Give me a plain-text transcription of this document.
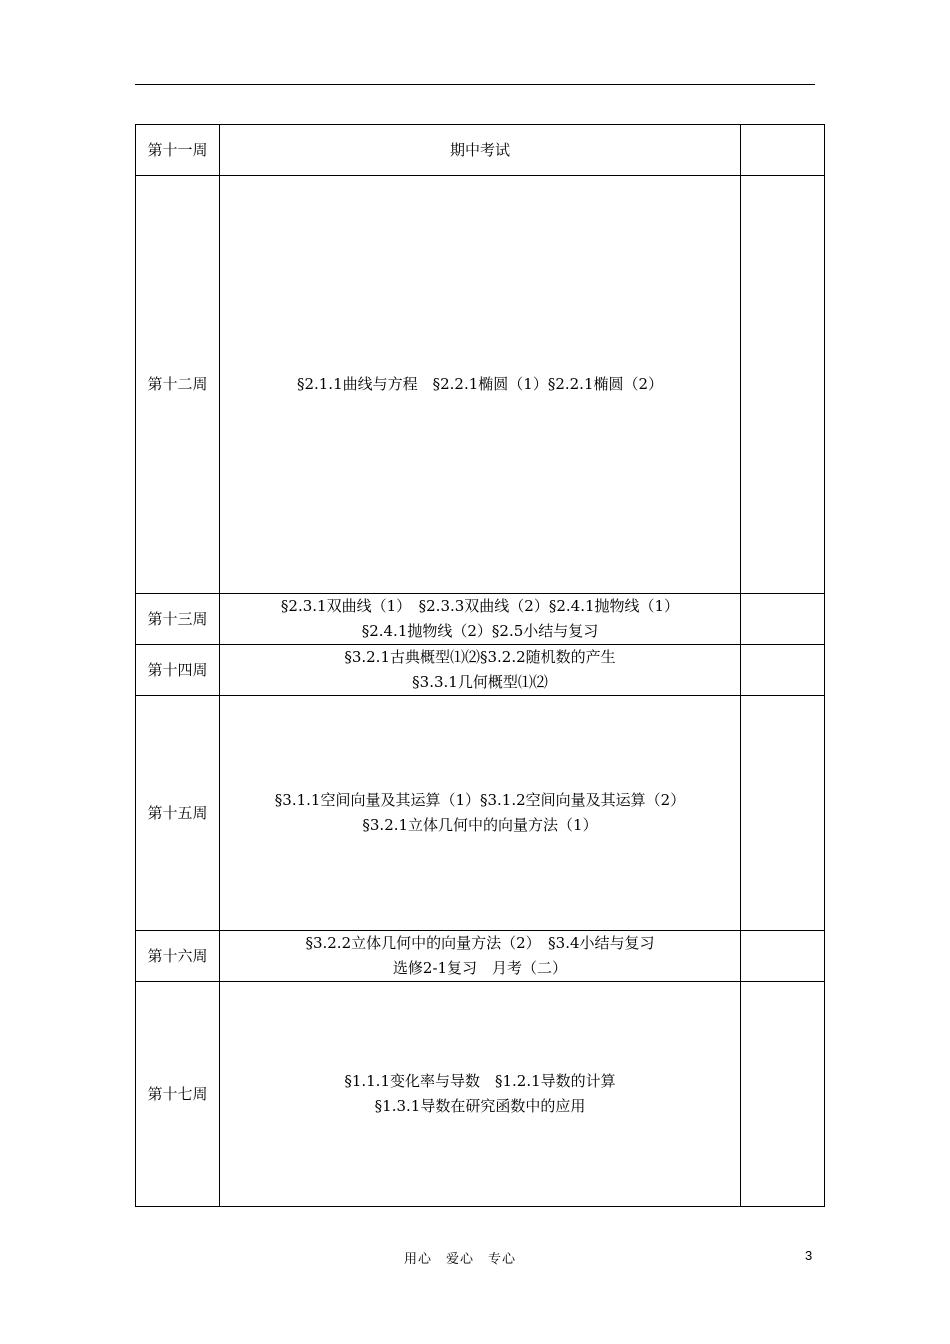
第十一周	期中考试	

第十二周	§2.1.1曲线与方程　§2.2.1椭圆（1）§2.2.1椭圆（2）	

第十三周	§2.3.1双曲线（1）　§2.3.3双曲线（2）§2.4.1抛物线（1）
§2.4.1抛物线（2）§2.5小结与复习	

第十四周	§3.2.1古典概型⑴⑵§3.2.2随机数的产生
§3.3.1几何概型⑴⑵	

第十五周	§3.1.1空间向量及其运算（1）§3.1.2空间向量及其运算（2）
§3.2.1立体几何中的向量方法（1）	

第十六周	§3.2.2立体几何中的向量方法（2）　§3.4小结与复习
选修2-1复习　月考（二）	

第十七周	§1.1.1变化率与导数　§1.2.1导数的计算
§1.3.1导数在研究函数中的应用	

用心　爱心　专心	3
